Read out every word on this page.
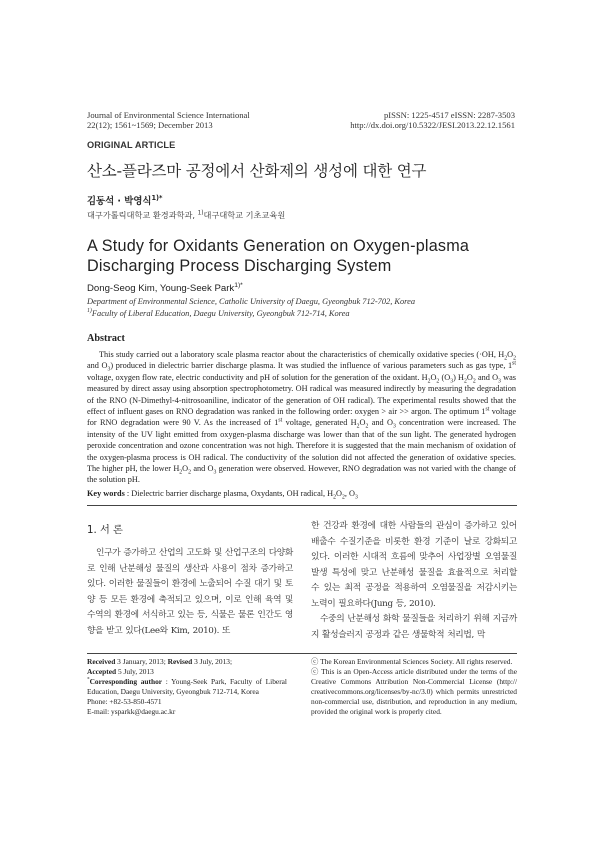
Journal of Environmental Science International
22(12); 1561~1569; December 2013
pISSN: 1225-4517 eISSN: 2287-3503
http://dx.doi.org/10.5322/JESI.2013.22.12.1561
ORIGINAL ARTICLE
산소-플라즈마 공정에서 산화제의 생성에 대한 연구
김동석 · 박영식$^{1)*}$
대구가톨릭대학교 환경과학과, $^{1)}$대구대학교 기초교육원
A Study for Oxidants Generation on Oxygen-plasma Discharging Process Discharging System
Dong-Seog Kim, Young-Seek Park$^{1)*}$
Department of Environmental Science, Catholic University of Daegu, Gyeongbuk 712-702, Korea
$^{1)}$Faculty of Liberal Education, Daegu University, Gyeongbuk 712-714, Korea
Abstract
This study carried out a laboratory scale plasma reactor about the characteristics of chemically oxidative species (·OH, $H_2O_2$ and $O_3$) produced in dielectric barrier discharge plasma. It was studied the influence of various parameters such as gas type, 1st voltage, oxygen flow rate, electric conductivity and pH of solution for the generation of the oxidant. $H_2O_2$ $(O_3)$ $H_2O_2$ and $O_3$ was measured by direct assay using absorption spectrophotometry. OH radical was measured indirectly by measuring the degradation of the RNO (N-Dimethyl-4-nitrosoaniline, indicator of the generation of OH radical). The experimental results showed that the effect of influent gases on RNO degradation was ranked in the following order: oxygen > air >> argon. The optimum 1st voltage for RNO degradation were 90 V. As the increased of 1st voltage, generated $H_2O_2$ and $O_3$ concentration were increased. The intensity of the UV light emitted from oxygen-plasma discharge was lower than that of the sun light. The generated hydrogen peroxide concentration and ozone concentration was not high. Therefore it is suggested that the main mechanism of oxidation of the oxygen-plasma process is OH radical. The conductivity of the solution did not affected the generation of oxidative species. The higher pH, the lower $H_2O_2$ and $O_3$ generation were observed. However, RNO degradation was not varied with the change of the solution pH.
Key words : Dielectric barrier discharge plasma, Oxydants, OH radical, $H_2O_2$, $O_3$
1. 서 론
인구가 증가하고 산업의 고도화 및 산업구조의 다양화로 인해 난분해성 물질의 생산과 사용이 점차 증가하고 있다. 이러한 물질들이 환경에 노출되어 수질 대기 및 토양 등 모든 환경에 축적되고 있으며, 이로 인해 육역 및 수역의 환경에 서식하고 있는 등, 식물은 물론 인간도 영향을 받고 있다(Lee와 Kim, 2010). 또
한 건강과 환경에 대한 사람들의 관심이 증가하고 있어 배출수 수질기준을 비롯한 환경 기준이 날로 강화되고 있다. 이러한 시대적 흐름에 맞추어 사업장별 오염물질 발생 특성에 맞고 난분해성 물질을 효율적으로 처리할 수 있는 최적 공정을 적용하여 오염물질을 저감시키는 노력이 필요하다(Jung 등, 2010).
수중의 난분해성 화학 물질들을 처리하기 위해 지금까지 활성슬러지 공정과 같은 생물학적 처리법, 막
Received 3 January, 2013; Revised 3 July, 2013;
Accepted 5 July, 2013
*Corresponding author : Young-Seek Park, Faculty of Liberal Education, Daegu University, Gyeongbuk 712-714, Korea
Phone: +82-53-850-4571
E-mail: ysparkk@daegu.ac.kr
ⓒ The Korean Environmental Sciences Society. All rights reserved.
ⓒ This is an Open-Access article distributed under the terms of the Creative Commons Attribution Non-Commercial License (http:// creativecommons.org/licenses/by-nc/3.0) which permits unrestricted non-commercial use, distribution, and reproduction in any medium, provided the original work is properly cited.
